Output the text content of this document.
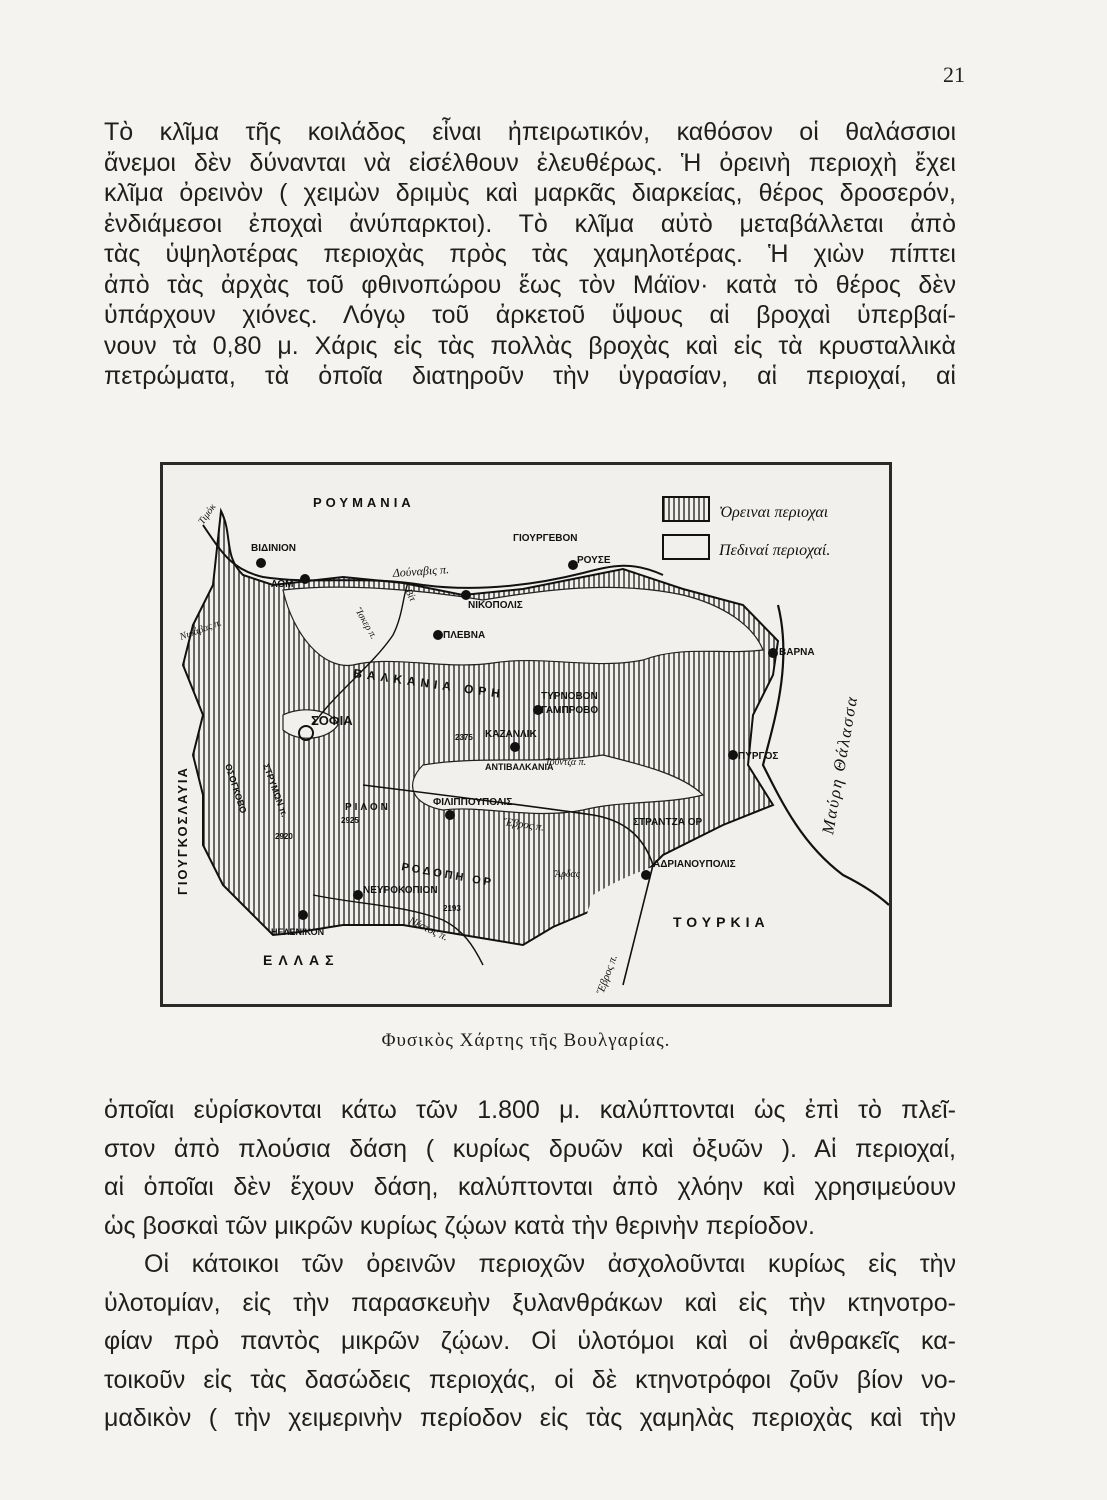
21
Τὸ κλῖμα τῆς κοιλάδος εἶναι ἠπειρωτικόν, καθόσον οἱ θαλάσσιοι
ἄνεμοι δὲν δύνανται νὰ εἰσέλθουν ἐλευθέρως. Ἡ ὀρεινὴ περιοχὴ ἔχει
κλῖμα ὀρεινὸν ( χειμὼν δριμὺς καὶ μαρκᾶς διαρκείας, θέρος δροσερόν,
ἐνδιάμεσοι ἐποχαὶ ἀνύπαρκτοι). Τὸ κλῖμα αὐτὸ μεταβάλλεται ἀπὸ
τὰς ὑψηλοτέρας περιοχὰς πρὸς τὰς χαμηλοτέρας. Ἡ χιὼν πίπτει
ἀπὸ τὰς ἀρχὰς τοῦ φθινοπώρου ἕως τὸν Μάϊον· κατὰ τὸ θέρος δὲν
ὑπάρχουν χιόνες. Λόγῳ τοῦ ἀρκετοῦ ὕψους αἱ βροχαὶ ὑπερβαί-
νουν τὰ 0,80 μ. Χάρις εἰς τὰς πολλὰς βροχὰς καὶ εἰς τὰ κρυσταλλικὰ
πετρώματα, τὰ ὁποῖα διατηροῦν τὴν ὑγρασίαν, αἱ περιοχαί, αἱ
Ὀρειναι περιοχαι
Πεδιναί περιοχαί.
ΡΟΥΜΑΝΙΑ
ΓΙΟΥΓΚΟΣΛΑΥΙΑ
ΕΛΛΑΣ
ΤΟΥΡΚΙΑ
Μαύρη Θάλασσα
Δούναβις π.
ΒΙΔΙΝΙΟΝ
ΛΟΜ
ΓΙΟΥΡΓΕΒΟΝ
ΡΟΥΣΕ
ΝΙΚΟΠΟΛΙΣ
ΠΛΕΒΝΑ
ΒΑΡΝΑ
ΤΥΡΝΟΒΟΝ
ΓΑΜΠΡΟΒΟ
ΚΑΖΑΝΛΙΚ
ΣΟΦΙΑ
ΒΑΛΚΑΝΙΑ ΟΡΗ
ΑΝΤΙΒΑΛΚΑΝΙΑ
ΡΙΛΟΝ	ΦΙΛΙΠΠΟΥΠΟΛΙΣ
Ἕβρος π.	ΣΤΡΑΝΤΖΑ ΟΡ
ΠΥΡΓΟΣ
ΑΔΡΙΑΝΟΥΠΟΛΙΣ
ΡΟΔΟΠΗ ΟΡ
ΝΕΥΡΟΚΟΠΙΟΝ
ΗΕΛΕΝΙΚΟΝ	Νέστος π.
Ἕβρος π.
Τιμόκ
Ἴσκερ π.
Βίτ
Νισάβας π.
ΣΤΡΥΜΩΝ π.
ΟΣΟΓΚΟΒΟ
Τούντζα π.
Ἄρδας
2925
2193
2920
2375
Φυσικὸς Χάρτης τῆς Βουλγαρίας.
ὁποῖαι εὑρίσκονται κάτω τῶν 1.800 μ. καλύπτονται ὡς ἐπὶ τὸ πλεῖ-
στον ἀπὸ πλούσια δάση ( κυρίως δρυῶν καὶ ὀξυῶν ). Αἱ περιοχαί,
αἱ ὁποῖαι δὲν ἔχουν δάση, καλύπτονται ἀπὸ χλόην καὶ χρησιμεύουν
ὡς βοσκαὶ τῶν μικρῶν κυρίως ζῴων κατὰ τὴν θερινὴν περίοδον.
Οἱ κάτοικοι τῶν ὀρεινῶν περιοχῶν ἀσχολοῦνται κυρίως εἰς τὴν
ὑλοτομίαν, εἰς τὴν παρασκευὴν ξυλανθράκων καὶ εἰς τὴν κτηνοτρο-
φίαν πρὸ παντὸς μικρῶν ζῴων. Οἱ ὑλοτόμοι καὶ οἱ ἀνθρακεῖς κα-
τοικοῦν εἰς τὰς δασώδεις περιοχάς, οἱ δὲ κτηνοτρόφοι ζοῦν βίον νο-
μαδικὸν ( τὴν χειμερινὴν περίοδον εἰς τὰς χαμηλὰς περιοχὰς καὶ τὴν
